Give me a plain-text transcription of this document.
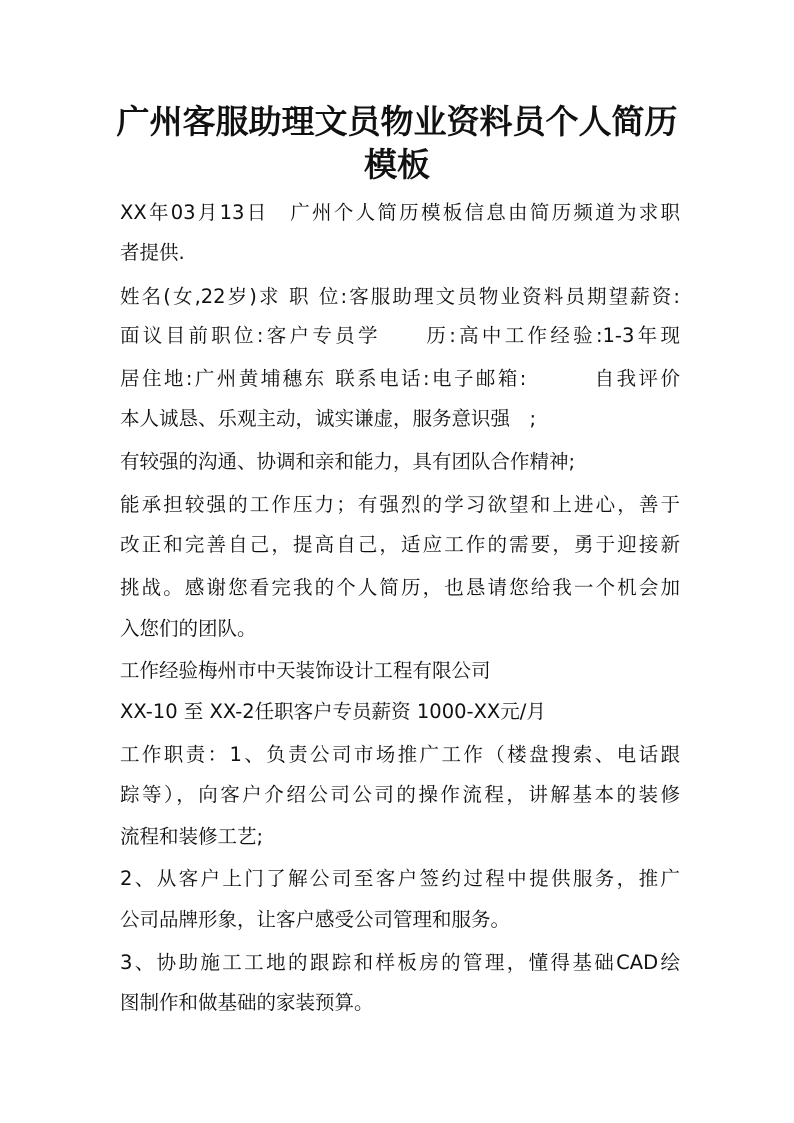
广州客服助理文员物业资料员个人简历
模板

XX年03月13日　广州个人简历模板信息由简历频道为求职

者提供.

姓名(女,22岁)求 职 位:客服助理文员物业资料员期望薪资:

面议目前职位:客户专员学　　历:高中工作经验:1-3年现

居住地:广州黄埔穗东 联系电话:电子邮箱:　　　自我评价

本人诚恳、乐观主动，诚实谦虚，服务意识强　;

有较强的沟通、协调和亲和能力，具有团队合作精神;

能承担较强的工作压力；有强烈的学习欲望和上进心，善于

改正和完善自己，提高自己，适应工作的需要，勇于迎接新

挑战。感谢您看完我的个人简历，也恳请您给我一个机会加

入您们的团队。

工作经验梅州市中天装饰设计工程有限公司

XX-10 至 XX-2任职客户专员薪资 1000-XX元/月

工作职责：1、负责公司市场推广工作（楼盘搜索、电话跟

踪等），向客户介绍公司公司的操作流程，讲解基本的装修

流程和装修工艺;

2、从客户上门了解公司至客户签约过程中提供服务，推广

公司品牌形象，让客户感受公司管理和服务。

3、协助施工工地的跟踪和样板房的管理，懂得基础CAD绘

图制作和做基础的家装预算。
